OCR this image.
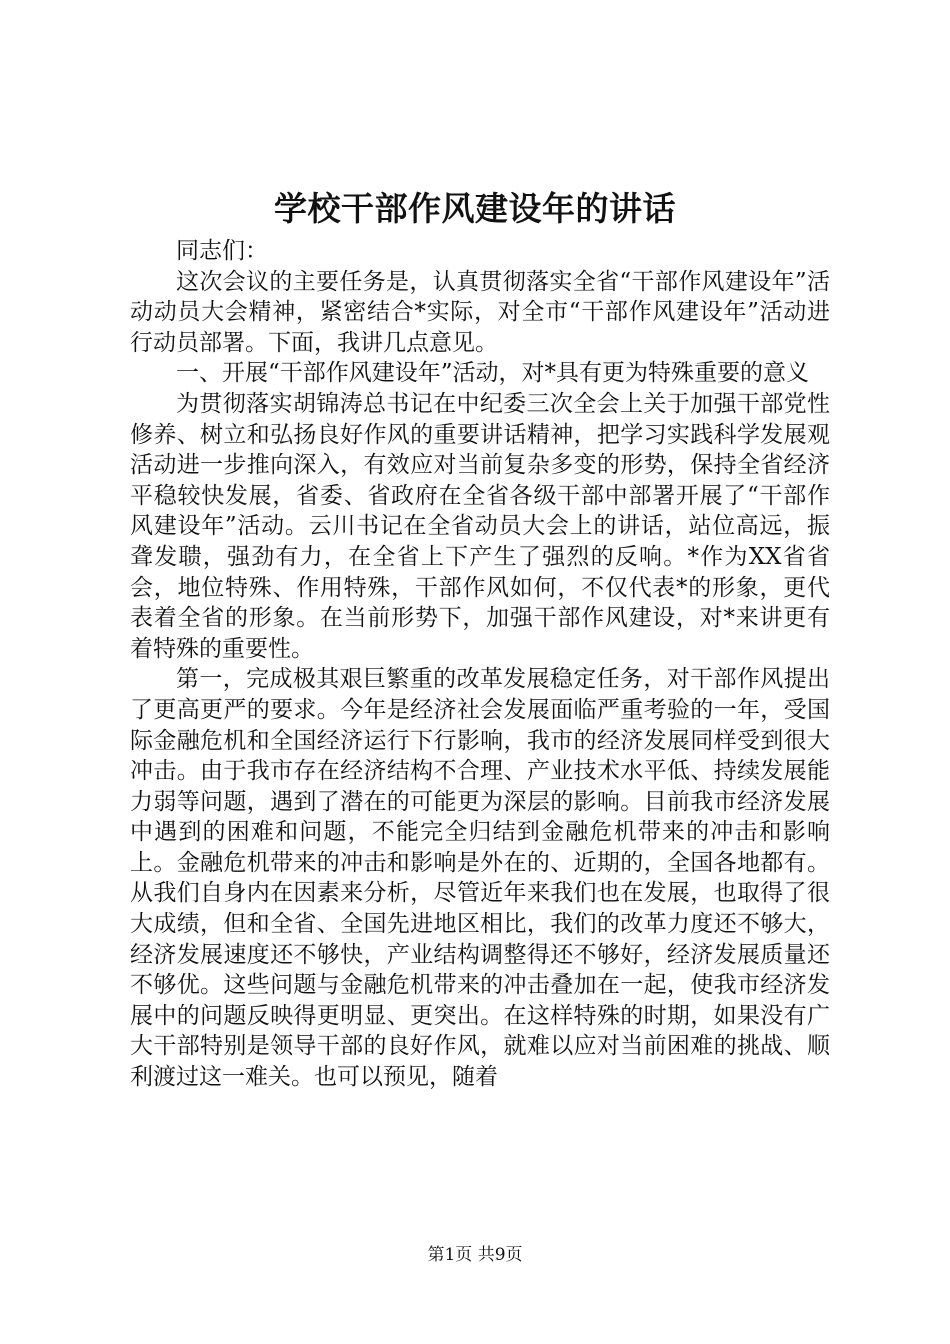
学校干部作风建设年的讲话

同志们：

这次会议的主要任务是，认真贯彻落实全省“干部作风建设年”活动动员大会精神，紧密结合*实际，对全市“干部作风建设年”活动进行动员部署。下面，我讲几点意见。

一、开展“干部作风建设年”活动，对*具有更为特殊重要的意义

为贯彻落实胡锦涛总书记在中纪委三次全会上关于加强干部党性修养、树立和弘扬良好作风的重要讲话精神，把学习实践科学发展观活动进一步推向深入，有效应对当前复杂多变的形势，保持全省经济平稳较快发展，省委、省政府在全省各级干部中部署开展了“干部作风建设年”活动。云川书记在全省动员大会上的讲话，站位高远，振聋发聩，强劲有力，在全省上下产生了强烈的反响。*作为XX省省会，地位特殊、作用特殊，干部作风如何，不仅代表*的形象，更代表着全省的形象。在当前形势下，加强干部作风建设，对*来讲更有着特殊的重要性。

第一，完成极其艰巨繁重的改革发展稳定任务，对干部作风提出了更高更严的要求。今年是经济社会发展面临严重考验的一年，受国际金融危机和全国经济运行下行影响，我市的经济发展同样受到很大冲击。由于我市存在经济结构不合理、产业技术水平低、持续发展能力弱等问题，遇到了潜在的可能更为深层的影响。目前我市经济发展中遇到的困难和问题，不能完全归结到金融危机带来的冲击和影响上。金融危机带来的冲击和影响是外在的、近期的，全国各地都有。从我们自身内在因素来分析，尽管近年来我们也在发展，也取得了很大成绩，但和全省、全国先进地区相比，我们的改革力度还不够大，经济发展速度还不够快，产业结构调整得还不够好，经济发展质量还不够优。这些问题与金融危机带来的冲击叠加在一起，使我市经济发展中的问题反映得更明显、更突出。在这样特殊的时期，如果没有广大干部特别是领导干部的良好作风，就难以应对当前困难的挑战、顺利渡过这一难关。也可以预见，随着

第1页 共9页
